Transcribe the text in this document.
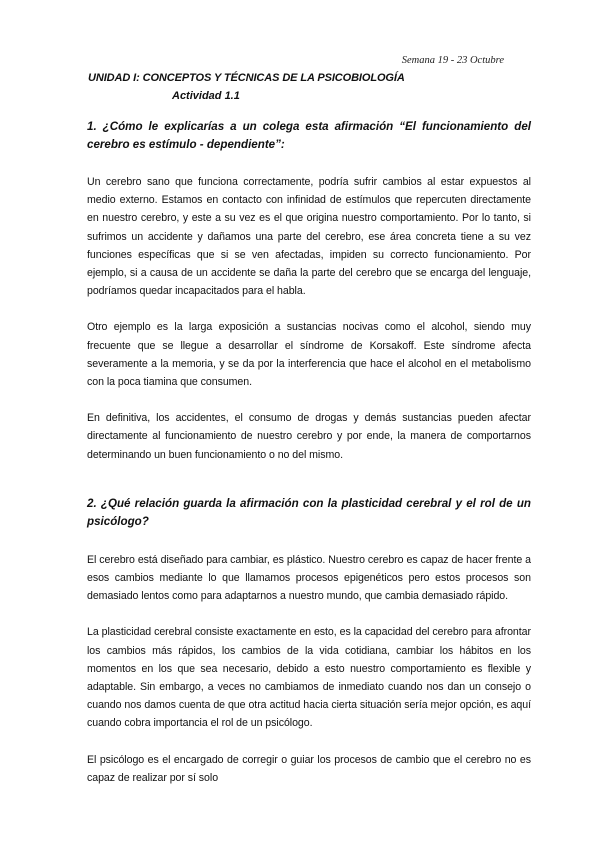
Semana 19 - 23 Octubre
UNIDAD I: CONCEPTOS Y TÉCNICAS DE LA PSICOBIOLOGÍA
Actividad 1.1

1. ¿Cómo le explicarías a un colega esta afirmación “El funcionamiento del cerebro es estímulo - dependiente”:

Un cerebro sano que funciona correctamente, podría sufrir cambios al estar expuestos al medio externo. Estamos en contacto con infinidad de estímulos que repercuten directamente en nuestro cerebro, y este a su vez es el que origina nuestro comportamiento. Por lo tanto, si sufrimos un accidente y dañamos una parte del cerebro, ese área concreta tiene a su vez funciones específicas que si se ven afectadas, impiden su correcto funcionamiento. Por ejemplo, si a causa de un accidente se daña la parte del cerebro que se encarga del lenguaje, podríamos quedar incapacitados para el habla.

Otro ejemplo es la larga exposición a sustancias nocivas como el alcohol, siendo muy frecuente que se llegue a desarrollar el síndrome de Korsakoff. Este síndrome afecta severamente a la memoria, y se da por la interferencia que hace el alcohol en el metabolismo con la poca tiamina que consumen.

En definitiva, los accidentes, el consumo de drogas y demás sustancias pueden afectar directamente al funcionamiento de nuestro cerebro y por ende, la manera de comportarnos determinando un buen funcionamiento o no del mismo.

2. ¿Qué relación guarda la afirmación con la plasticidad cerebral y el rol de un psicólogo?

El cerebro está diseñado para cambiar, es plástico. Nuestro cerebro es capaz de hacer frente a esos cambios mediante lo que llamamos procesos epigenéticos pero estos procesos son demasiado lentos como para adaptarnos a nuestro mundo, que cambia demasiado rápido.

La plasticidad cerebral consiste exactamente en esto, es la capacidad del cerebro para afrontar los cambios más rápidos, los cambios de la vida cotidiana, cambiar los hábitos en los momentos en los que sea necesario, debido a esto nuestro comportamiento es flexible y adaptable. Sin embargo, a veces no cambiamos de inmediato cuando nos dan un consejo o cuando nos damos cuenta de que otra actitud hacia cierta situación sería mejor opción, es aquí cuando cobra importancia el rol de un psicólogo.

El psicólogo es el encargado de corregir o guiar los procesos de cambio que el cerebro no es capaz de realizar por sí solo
